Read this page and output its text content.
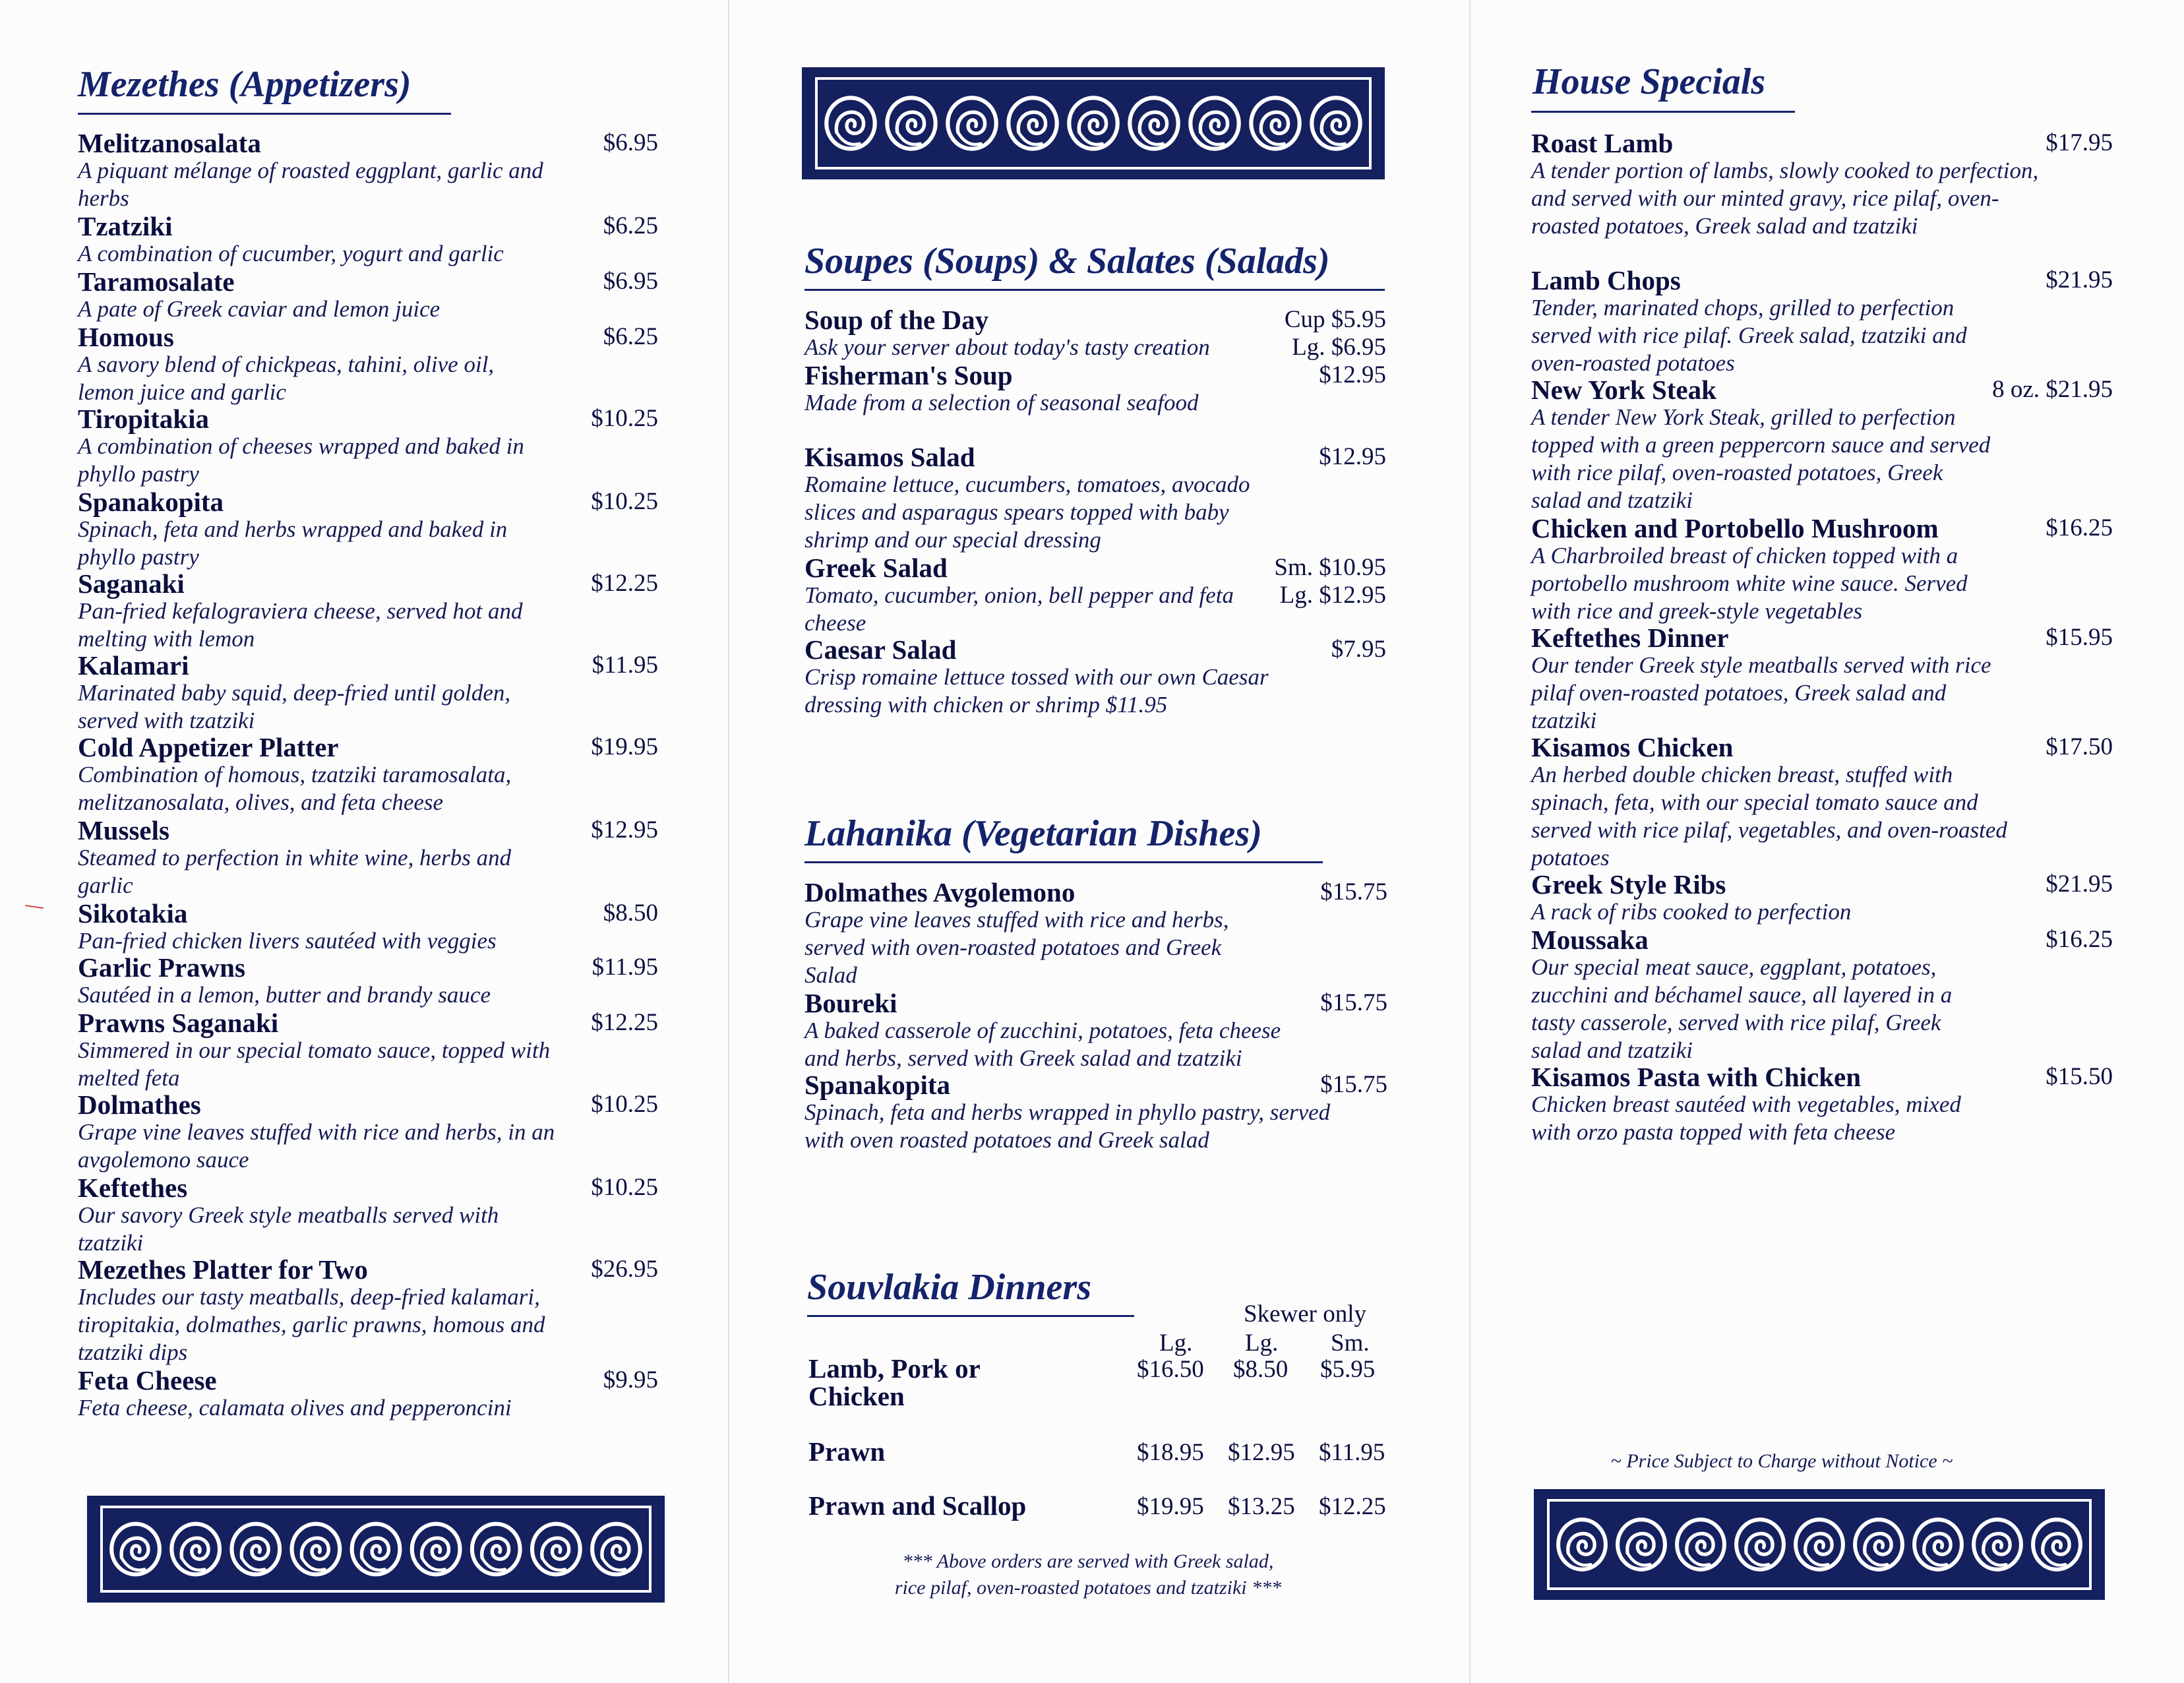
Mezethes (Appetizers)
Melitzanosalata
A piquant mélange of roasted eggplant, garlic and herbs
$6.95
Tzatziki
A combination of cucumber, yogurt and garlic
$6.25
Taramosalate
A pate of Greek caviar and lemon juice
$6.95
Homous
A savory blend of chickpeas, tahini, olive oil, lemon juice and garlic
$6.25
Tiropitakia
A combination of cheeses wrapped and baked in phyllo pastry
$10.25
Spanakopita
Spinach, feta and herbs wrapped and baked in phyllo pastry
$10.25
Saganaki
Pan-fried kefalograviera cheese, served hot and melting with lemon
$12.25
Kalamari
Marinated baby squid, deep-fried until golden, served with tzatziki
$11.95
Cold Appetizer Platter
Combination of homous, tzatziki taramosalata, melitzanosalata, olives, and feta cheese
$19.95
Mussels
Steamed to perfection in white wine, herbs and garlic
$12.95
Sikotakia
Pan-fried chicken livers sautéed with veggies
$8.50
Garlic Prawns
Sautéed in a lemon, butter and brandy sauce
$11.95
Prawns Saganaki
Simmered in our special tomato sauce, topped with melted feta
$12.25
Dolmathes
Grape vine leaves stuffed with rice and herbs, in an avgolemono sauce
$10.25
Keftethes
Our savory Greek style meatballs served with tzatziki
$10.25
Mezethes Platter for Two
Includes our tasty meatballs, deep-fried kalamari, tiropitakia, dolmathes, garlic prawns, homous and tzatziki dips
$26.95
Feta Cheese
Feta cheese, calamata olives and pepperoncini
$9.95
Soupes (Soups) & Salates (Salads)
Soup of the Day
Ask your server about today's tasty creation
Cup $5.95
Lg. $6.95
Fisherman's Soup
Made from a selection of seasonal seafood
$12.95
Kisamos Salad
Romaine lettuce, cucumbers, tomatoes, avocado slices and asparagus spears topped with baby shrimp and our special dressing
$12.95
Greek Salad
Tomato, cucumber, onion, bell pepper and feta cheese
Sm. $10.95
Lg. $12.95
Caesar Salad
Crisp romaine lettuce tossed with our own Caesar dressing with chicken or shrimp $11.95
$7.95
Lahanika (Vegetarian Dishes)
Dolmathes Avgolemono
Grape vine leaves stuffed with rice and herbs, served with oven-roasted potatoes and Greek Salad
$15.75
Boureki
A baked casserole of zucchini, potatoes, feta cheese and herbs, served with Greek salad and tzatziki
$15.75
Spanakopita
Spinach, feta and herbs wrapped in phyllo pastry, served with oven roasted potatoes and Greek salad
$15.75
Souvlakia Dinners
Skewer only
Lg. Lg. Sm.
Lamb, Pork or Chicken
$16.50 $8.50 $5.95
Prawn	$18.95 $12.95 $11.95
Prawn and Scallop	$19.95 $13.25 $12.25
*** Above orders are served with Greek salad,
rice pilaf, oven-roasted potatoes and tzatziki ***
House Specials
Roast Lamb
A tender portion of lambs, slowly cooked to perfection, and served with our minted gravy, rice pilaf, oven-roasted potatoes, Greek salad and tzatziki
$17.95
Lamb Chops
Tender, marinated chops, grilled to perfection served with rice pilaf. Greek salad, tzatziki and oven-roasted potatoes
$21.95
New York Steak
A tender New York Steak, grilled to perfection topped with a green peppercorn sauce and served with rice pilaf, oven-roasted potatoes, Greek salad and tzatziki
8 oz. $21.95
Chicken and Portobello Mushroom
A Charbroiled breast of chicken topped with a portobello mushroom white wine sauce. Served with rice and greek-style vegetables
$16.25
Keftethes Dinner
Our tender Greek style meatballs served with rice pilaf oven-roasted potatoes, Greek salad and tzatziki
$15.95
Kisamos Chicken
An herbed double chicken breast, stuffed with spinach, feta, with our special tomato sauce and served with rice pilaf, vegetables, and oven-roasted potatoes
$17.50
Greek Style Ribs
A rack of ribs cooked to perfection
$21.95
Moussaka
Our special meat sauce, eggplant, potatoes, zucchini and béchamel sauce, all layered in a tasty casserole, served with rice pilaf, Greek salad and tzatziki
$16.25
Kisamos Pasta with Chicken
Chicken breast sautéed with vegetables, mixed with orzo pasta topped with feta cheese
$15.50
~ Price Subject to Charge without Notice ~
